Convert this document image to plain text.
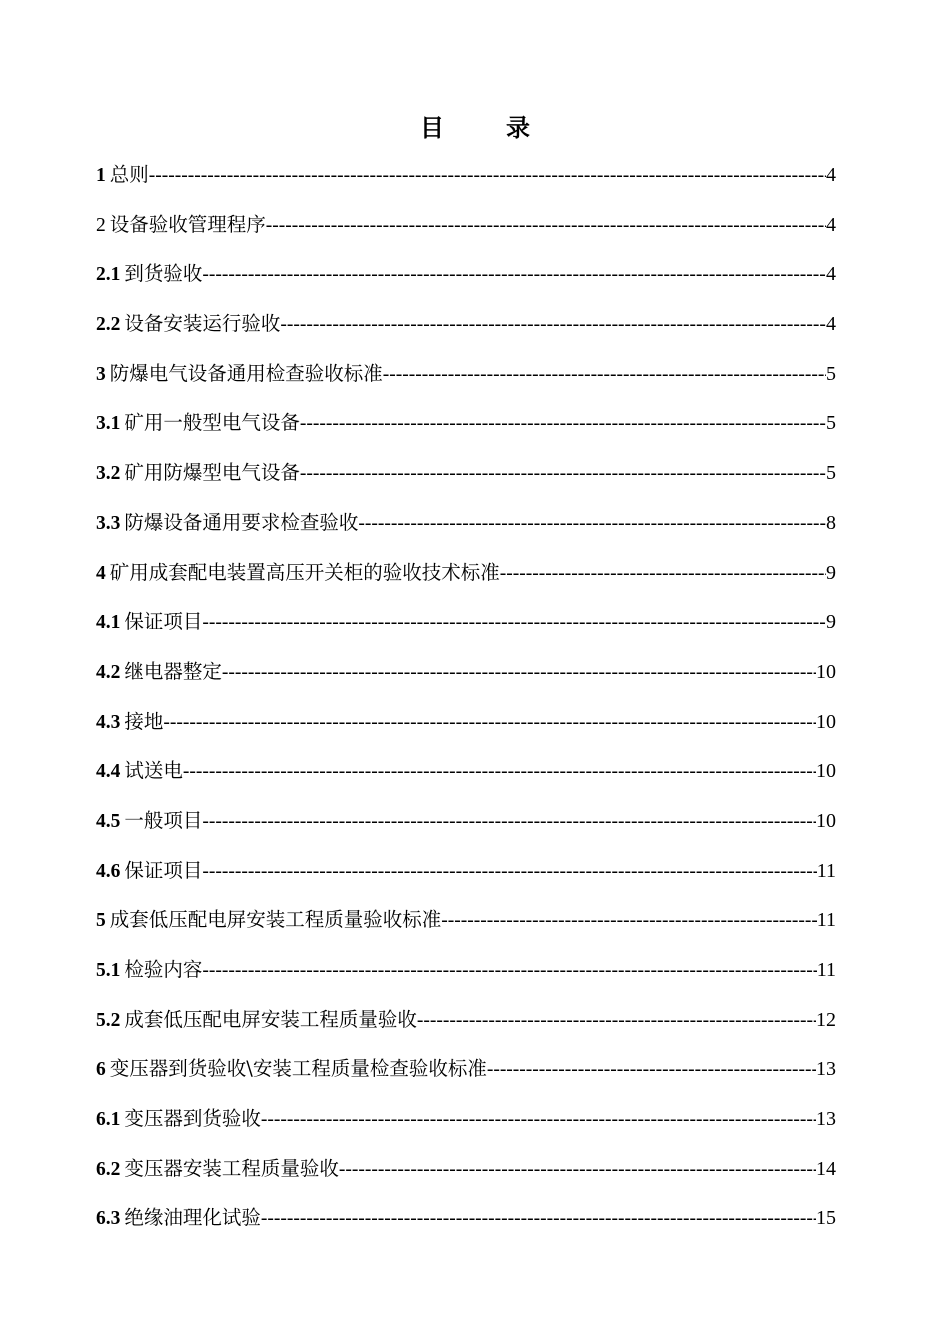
目	录
1 总则 -----	4
2 设备验收管理程序 -----	4
2.1 到货验收 -----	4
2.2 设备安装运行验收 -----	4
3 防爆电气设备通用检查验收标准 -----	5
3.1 矿用一般型电气设备 -----	5
3.2 矿用防爆型电气设备 -----	5
3.3 防爆设备通用要求检查验收 -----	8
4 矿用成套配电装置高压开关柜的验收技术标准 -----	9
4.1 保证项目 -----	9
4.2 继电器整定 -----	10
4.3 接地 -----	10
4.4 试送电 -----	10
4.5 一般项目 -----	10
4.6 保证项目 -----	11
5 成套低压配电屏安装工程质量验收标准 -----	11
5.1 检验内容 -----	11
5.2 成套低压配电屏安装工程质量验收 -----	12
6 变压器到货验收\安装工程质量检查验收标准 -----	13
6.1 变压器到货验收 -----	13
6.2 变压器安装工程质量验收 -----	14
6.3 绝缘油理化试验 -----	15
